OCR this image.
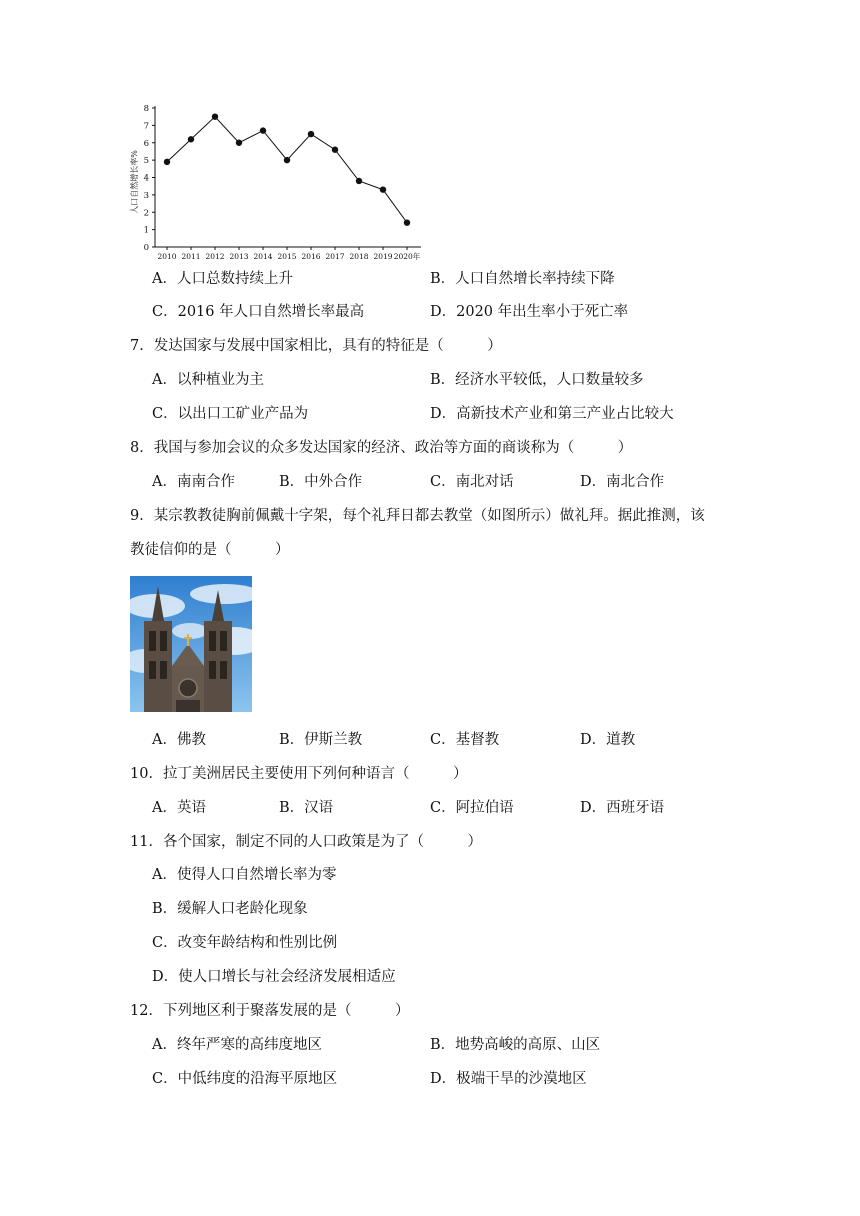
0
1
2
3
4
5
6
7
8
2010 2011 2012 2013 2014 2015 2016 2017 2018 2019 2020年
人口自然增长率%
A．人口总数持续上升	B．人口自然增长率持续下降
C．2016 年人口自然增长率最高	D．2020 年出生率小于死亡率
7．发达国家与发展中国家相比，具有的特征是（　　　）
A．以种植业为主	B．经济水平较低，人口数量较多
C．以出口工矿业产品为	D．高新技术产业和第三产业占比较大
8．我国与参加会议的众多发达国家的经济、政治等方面的商谈称为（　　　）
A．南南合作	B．中外合作	C．南北对话	D．南北合作
9．某宗教教徒胸前佩戴十字架，每个礼拜日都去教堂（如图所示）做礼拜。据此推测，该
教徒信仰的是（　　　）
A．佛教	B．伊斯兰教	C．基督教	D．道教
10．拉丁美洲居民主要使用下列何种语言（　　　）
A．英语	B．汉语	C．阿拉伯语	D．西班牙语
11．各个国家，制定不同的人口政策是为了（　　　）
A．使得人口自然增长率为零
B．缓解人口老龄化现象
C．改变年龄结构和性别比例
D．使人口增长与社会经济发展相适应
12．下列地区利于聚落发展的是（　　　）
A．终年严寒的高纬度地区	B．地势高峻的高原、山区
C．中低纬度的沿海平原地区	D．极端干旱的沙漠地区
